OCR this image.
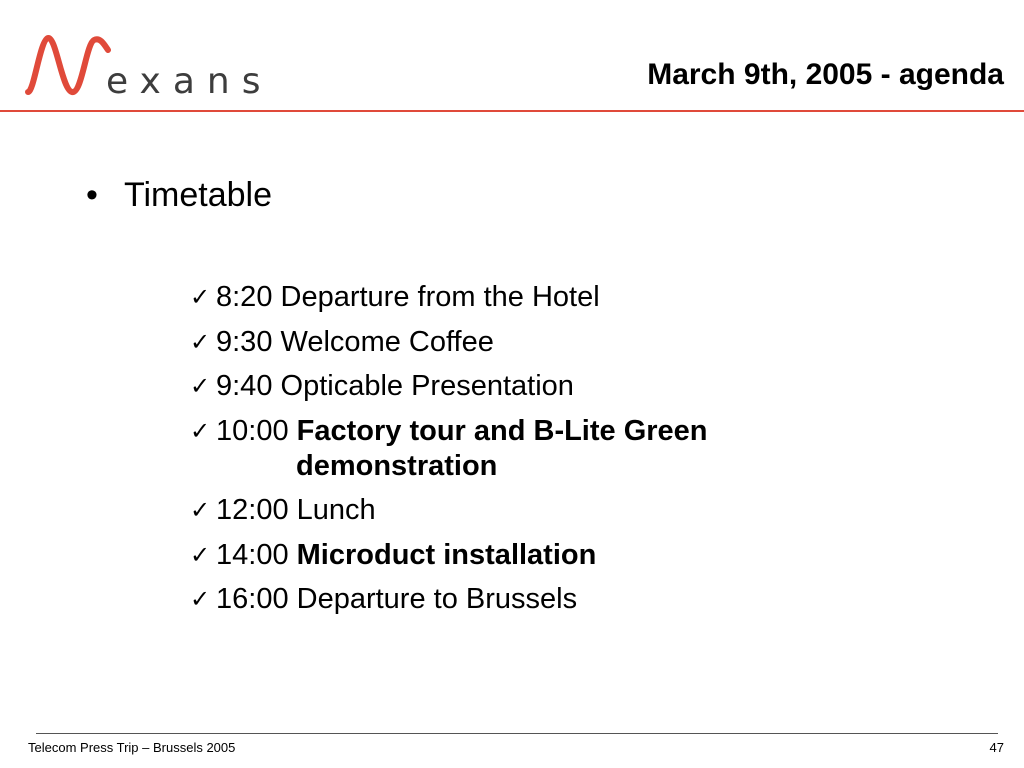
exans	March 9th, 2005 - agenda
• Timetable
✓ 8:20 Departure from the Hotel
✓ 9:30 Welcome Coffee
✓ 9:40 Opticable Presentation
✓ 10:00 Factory tour and B-Lite Green
demonstration
✓ 12:00 Lunch
✓ 14:00 Microduct installation
✓ 16:00 Departure to Brussels
Telecom Press Trip – Brussels 2005	47
